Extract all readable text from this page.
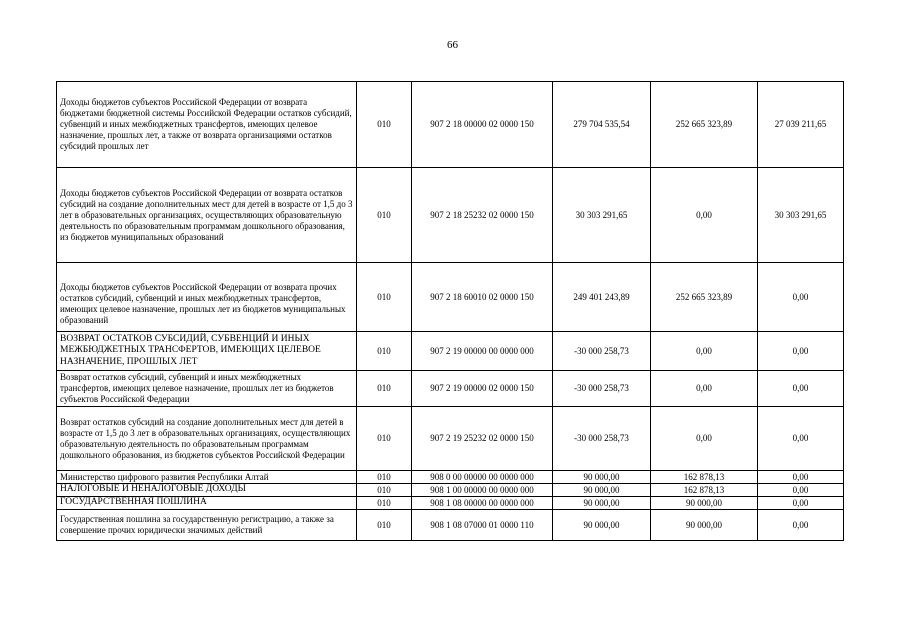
66
Доходы бюджетов субъектов Российской Федерации от возврата бюджетами бюджетной системы Российской Федерации остатков субсидий, субвенций и иных межбюджетных трансфертов, имеющих целевое назначение, прошлых лет, а также от возврата организациями остатков субсидий прошлых лет	010	907 2 18 00000 02 0000 150	279 704 535,54	252 665 323,89	27 039 211,65
Доходы бюджетов субъектов Российской Федерации от возврата остатков субсидий на создание дополнительных мест для детей в возрасте от 1,5 до 3 лет в образовательных организациях, осуществляющих образовательную деятельность по образовательным программам дошкольного образования, из бюджетов муниципальных образований	010	907 2 18 25232 02 0000 150	30 303 291,65	0,00	30 303 291,65
Доходы бюджетов субъектов Российской Федерации от возврата прочих остатков субсидий, субвенций и иных межбюджетных трансфертов, имеющих целевое назначение, прошлых лет из бюджетов муниципальных образований	010	907 2 18 60010 02 0000 150	249 401 243,89	252 665 323,89	0,00
ВОЗВРАТ ОСТАТКОВ СУБСИДИЙ, СУБВЕНЦИЙ И ИНЫХ МЕЖБЮДЖЕТНЫХ ТРАНСФЕРТОВ, ИМЕЮЩИХ ЦЕЛЕВОЕ НАЗНАЧЕНИЕ, ПРОШЛЫХ ЛЕТ	010	907 2 19 00000 00 0000 000	-30 000 258,73	0,00	0,00
Возврат остатков субсидий, субвенций и иных межбюджетных трансфертов, имеющих целевое назначение, прошлых лет из бюджетов субъектов Российской Федерации	010	907 2 19 00000 02 0000 150	-30 000 258,73	0,00	0,00
Возврат остатков субсидий на создание дополнительных мест для детей в возрасте от 1,5 до 3 лет в образовательных организациях, осуществляющих образовательную деятельность по образовательным программам дошкольного образования, из бюджетов субъектов Российской Федерации	010	907 2 19 25232 02 0000 150	-30 000 258,73	0,00	0,00
Министерство цифрового развития Республики Алтай	010	908 0 00 00000 00 0000 000	90 000,00	162 878,13	0,00
НАЛОГОВЫЕ И НЕНАЛОГОВЫЕ ДОХОДЫ	010	908 1 00 00000 00 0000 000	90 000,00	162 878,13	0,00
ГОСУДАРСТВЕННАЯ ПОШЛИНА	010	908 1 08 00000 00 0000 000	90 000,00	90 000,00	0,00
Государственная пошлина за государственную регистрацию, а также за совершение прочих юридически значимых действий	010	908 1 08 07000 01 0000 110	90 000,00	90 000,00	0,00
